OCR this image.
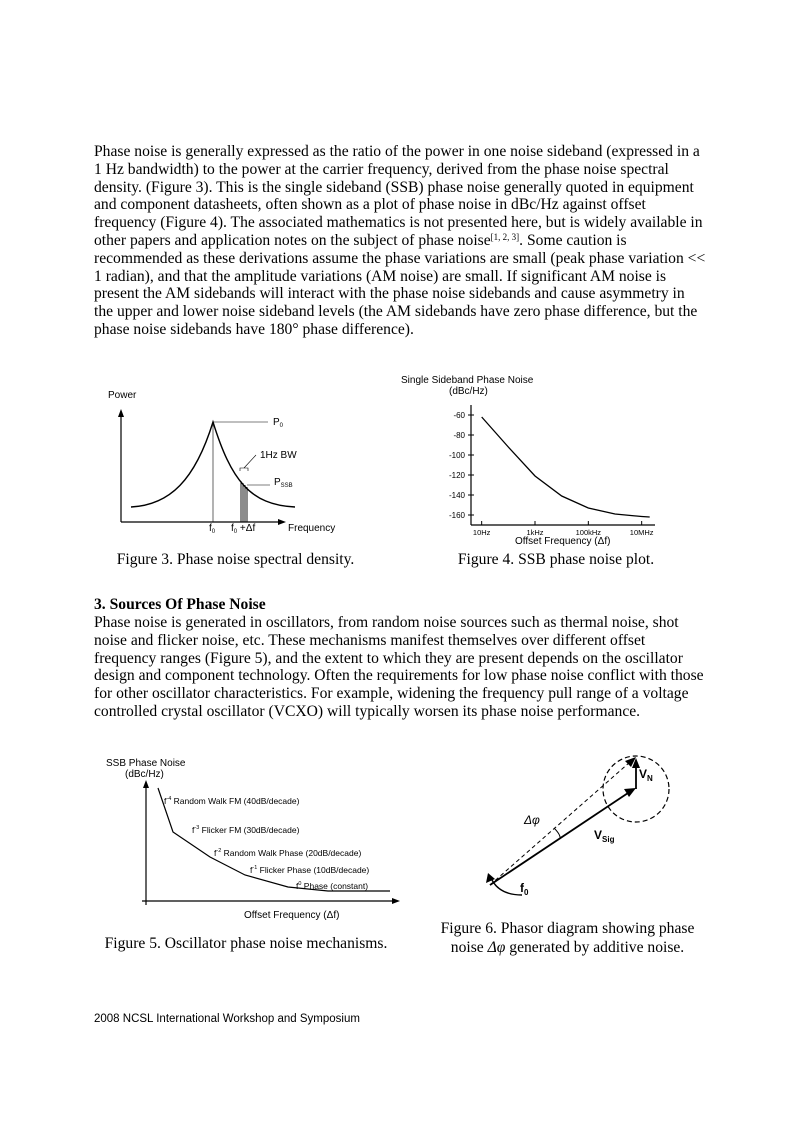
Phase noise is generally expressed as the ratio of the power in one noise sideband (expressed in a 1 Hz bandwidth) to the power at the carrier frequency, derived from the phase noise spectral density. (Figure 3). This is the single sideband (SSB) phase noise generally quoted in equipment and component datasheets, often shown as a plot of phase noise in dBc/Hz against offset frequency (Figure 4). The associated mathematics is not presented here, but is widely available in other papers and application notes on the subject of phase noise[1, 2, 3]. Some caution is recommended as these derivations assume the phase variations are small (peak phase variation << 1 radian), and that the amplitude variations (AM noise) are small. If significant AM noise is present the AM sidebands will interact with the phase noise sidebands and cause asymmetry in the upper and lower noise sideband levels (the AM sidebands have zero phase difference, but the phase noise sidebands have 180° phase difference).

Power
$P_0$
1Hz BW
$P_{SSB}$
$f_0$ $f_0 +\Delta f$	Frequency
Figure 3. Phase noise spectral density.
Single Sideband Phase Noise
(dBc/Hz)
-60
-80
-100
-120
-140
-160
10Hz	1kHz	100kHz	10MHz
Offset Frequency (Δf)
Figure 4. SSB phase noise plot.
3. Sources Of Phase Noise

Phase noise is generated in oscillators, from random noise sources such as thermal noise, shot noise and flicker noise, etc. These mechanisms manifest themselves over different offset frequency ranges (Figure 5), and the extent to which they are present depends on the oscillator design and component technology. Often the requirements for low phase noise conflict with those for other oscillator characteristics. For example, widening the frequency pull range of a voltage controlled crystal oscillator (VCXO) will typically worsen its phase noise performance.

SSB Phase Noise
(dBc/Hz)
$f^{-4}$ Random Walk FM (40dB/decade)
$f^{-3}$ Flicker FM (30dB/decade)
$f^{-2}$ Random Walk Phase (20dB/decade)
$f^{-1}$ Flicker Phase (10dB/decade)
$f^0$ Phase (constant)
Offset Frequency (Δf)
Figure 5. Oscillator phase noise mechanisms.
$V_N$
$V_{Sig}$
Δφ
$f_0$
Figure 6. Phasor diagram showing phase
noise Δφ generated by additive noise.
2008 NCSL International Workshop and Symposium
